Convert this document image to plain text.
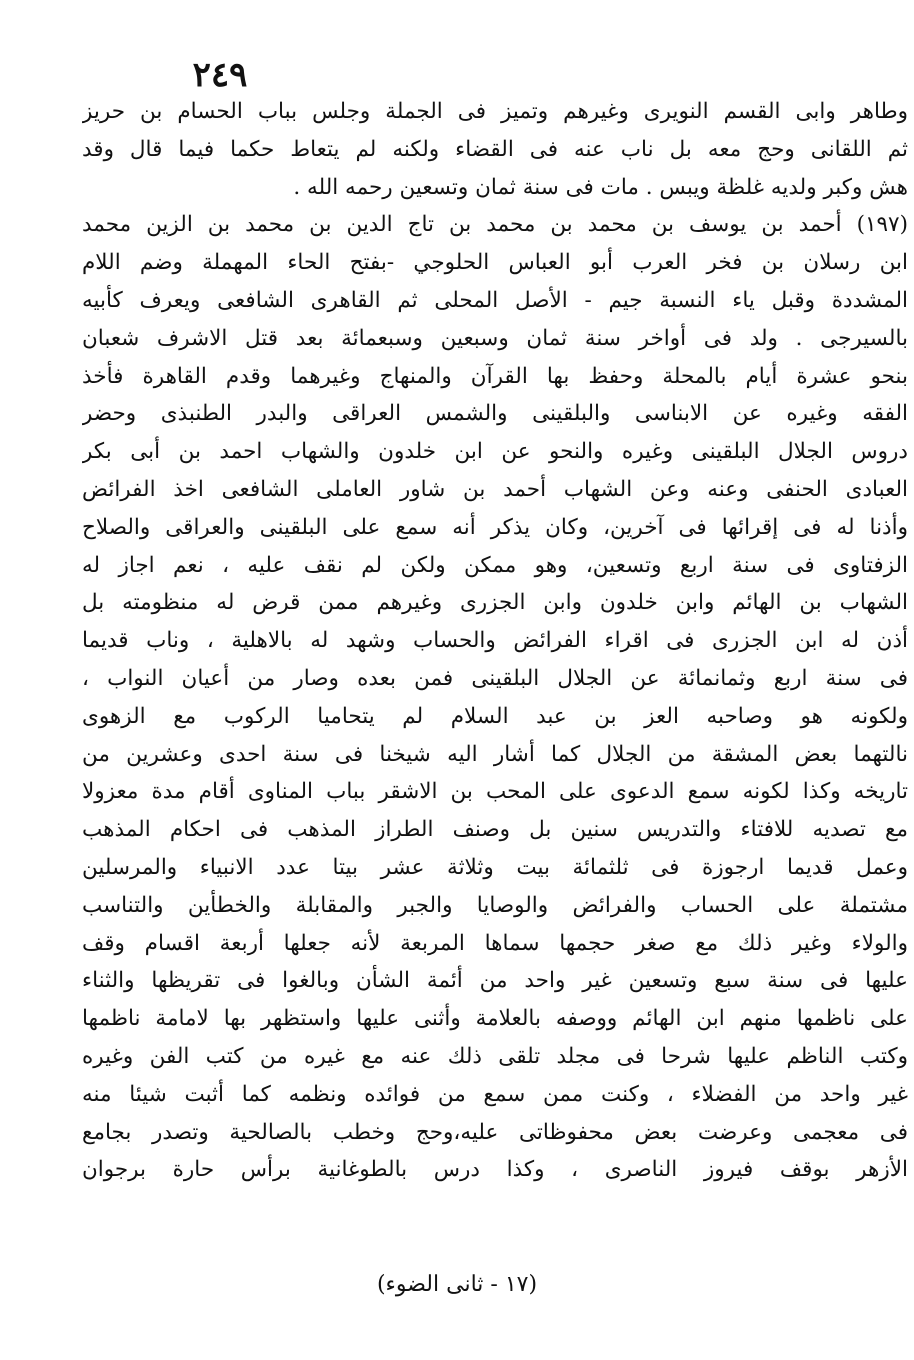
٢٤٩
وطاهر وابى القسم النويرى وغيرهم وتميز فى الجملة وجلس بباب الحسام بن حريز
ثم اللقانى وحج معه بل ناب عنه فى القضاء ولكنه لم يتعاط حكما فيما قال وقد
هش وكبر ولديه غلظة ويبس . مات فى سنة ثمان وتسعين رحمه الله .
(١٩٧) أحمد بن يوسف بن محمد بن محمد بن تاج الدين بن محمد بن الزين محمد
ابن رسلان بن فخر العرب أبو العباس الحلوجي -بفتح الحاء المهملة وضم اللام
المشددة وقبل ياء النسبة جيم - الأصل المحلى ثم القاهرى الشافعى ويعرف كأبيه
بالسيرجى . ولد فى أواخر سنة ثمان وسبعين وسبعمائة بعد قتل الاشرف شعبان
بنحو عشرة أيام بالمحلة وحفظ بها القرآن والمنهاج وغيرهما وقدم القاهرة فأخذ
الفقه وغيره عن الابناسى والبلقينى والشمس العراقى والبدر الطنبذى وحضر
دروس الجلال البلقينى وغيره والنحو عن ابن خلدون والشهاب احمد بن أبى بكر
العبادى الحنفى وعنه وعن الشهاب أحمد بن شاور العاملى الشافعى اخذ الفرائض
وأذنا له فى إقرائها فى آخرين، وكان يذكر أنه سمع على البلقينى والعراقى والصلاح
الزفتاوى فى سنة اربع وتسعين، وهو ممكن ولكن لم نقف عليه ، نعم اجاز له
الشهاب بن الهائم وابن خلدون وابن الجزرى وغيرهم ممن قرض له منظومته بل
أذن له ابن الجزرى فى اقراء الفرائض والحساب وشهد له بالاهلية ، وناب قديما
فى سنة اربع وثمانمائة عن الجلال البلقينى فمن بعده وصار من أعيان النواب ،
ولكونه هو وصاحبه العز بن عبد السلام لم يتحاميا الركوب مع الزهوى
نالتهما بعض المشقة من الجلال كما أشار اليه شيخنا فى سنة احدى وعشرين من
تاريخه وكذا لكونه سمع الدعوى على المحب بن الاشقر بباب المناوى أقام مدة معزولا
مع تصديه للافتاء والتدريس سنين بل وصنف الطراز المذهب فى احكام المذهب
وعمل قديما ارجوزة فى ثلثمائة بيت وثلاثة عشر بيتا عدد الانبياء والمرسلين
مشتملة على الحساب والفرائض والوصايا والجبر والمقابلة والخطأين والتناسب
والولاء وغير ذلك مع صغر حجمها سماها المربعة لأنه جعلها أربعة اقسام وقف
عليها فى سنة سبع وتسعين غير واحد من أئمة الشأن وبالغوا فى تقريظها والثناء
على ناظمها منهم ابن الهائم ووصفه بالعلامة وأثنى عليها واستظهر بها لامامة ناظمها
وكتب الناظم عليها شرحا فى مجلد تلقى ذلك عنه مع غيره من كتب الفن وغيره
غير واحد من الفضلاء ، وكنت ممن سمع من فوائده ونظمه كما أثبت شيئا منه
فى معجمى وعرضت بعض محفوظاتى عليه،وحج وخطب بالصالحية وتصدر بجامع
الأزهر بوقف فيروز الناصرى ، وكذا درس بالطوغانية برأس حارة برجوان
(١٧ - ثانى الضوء)
